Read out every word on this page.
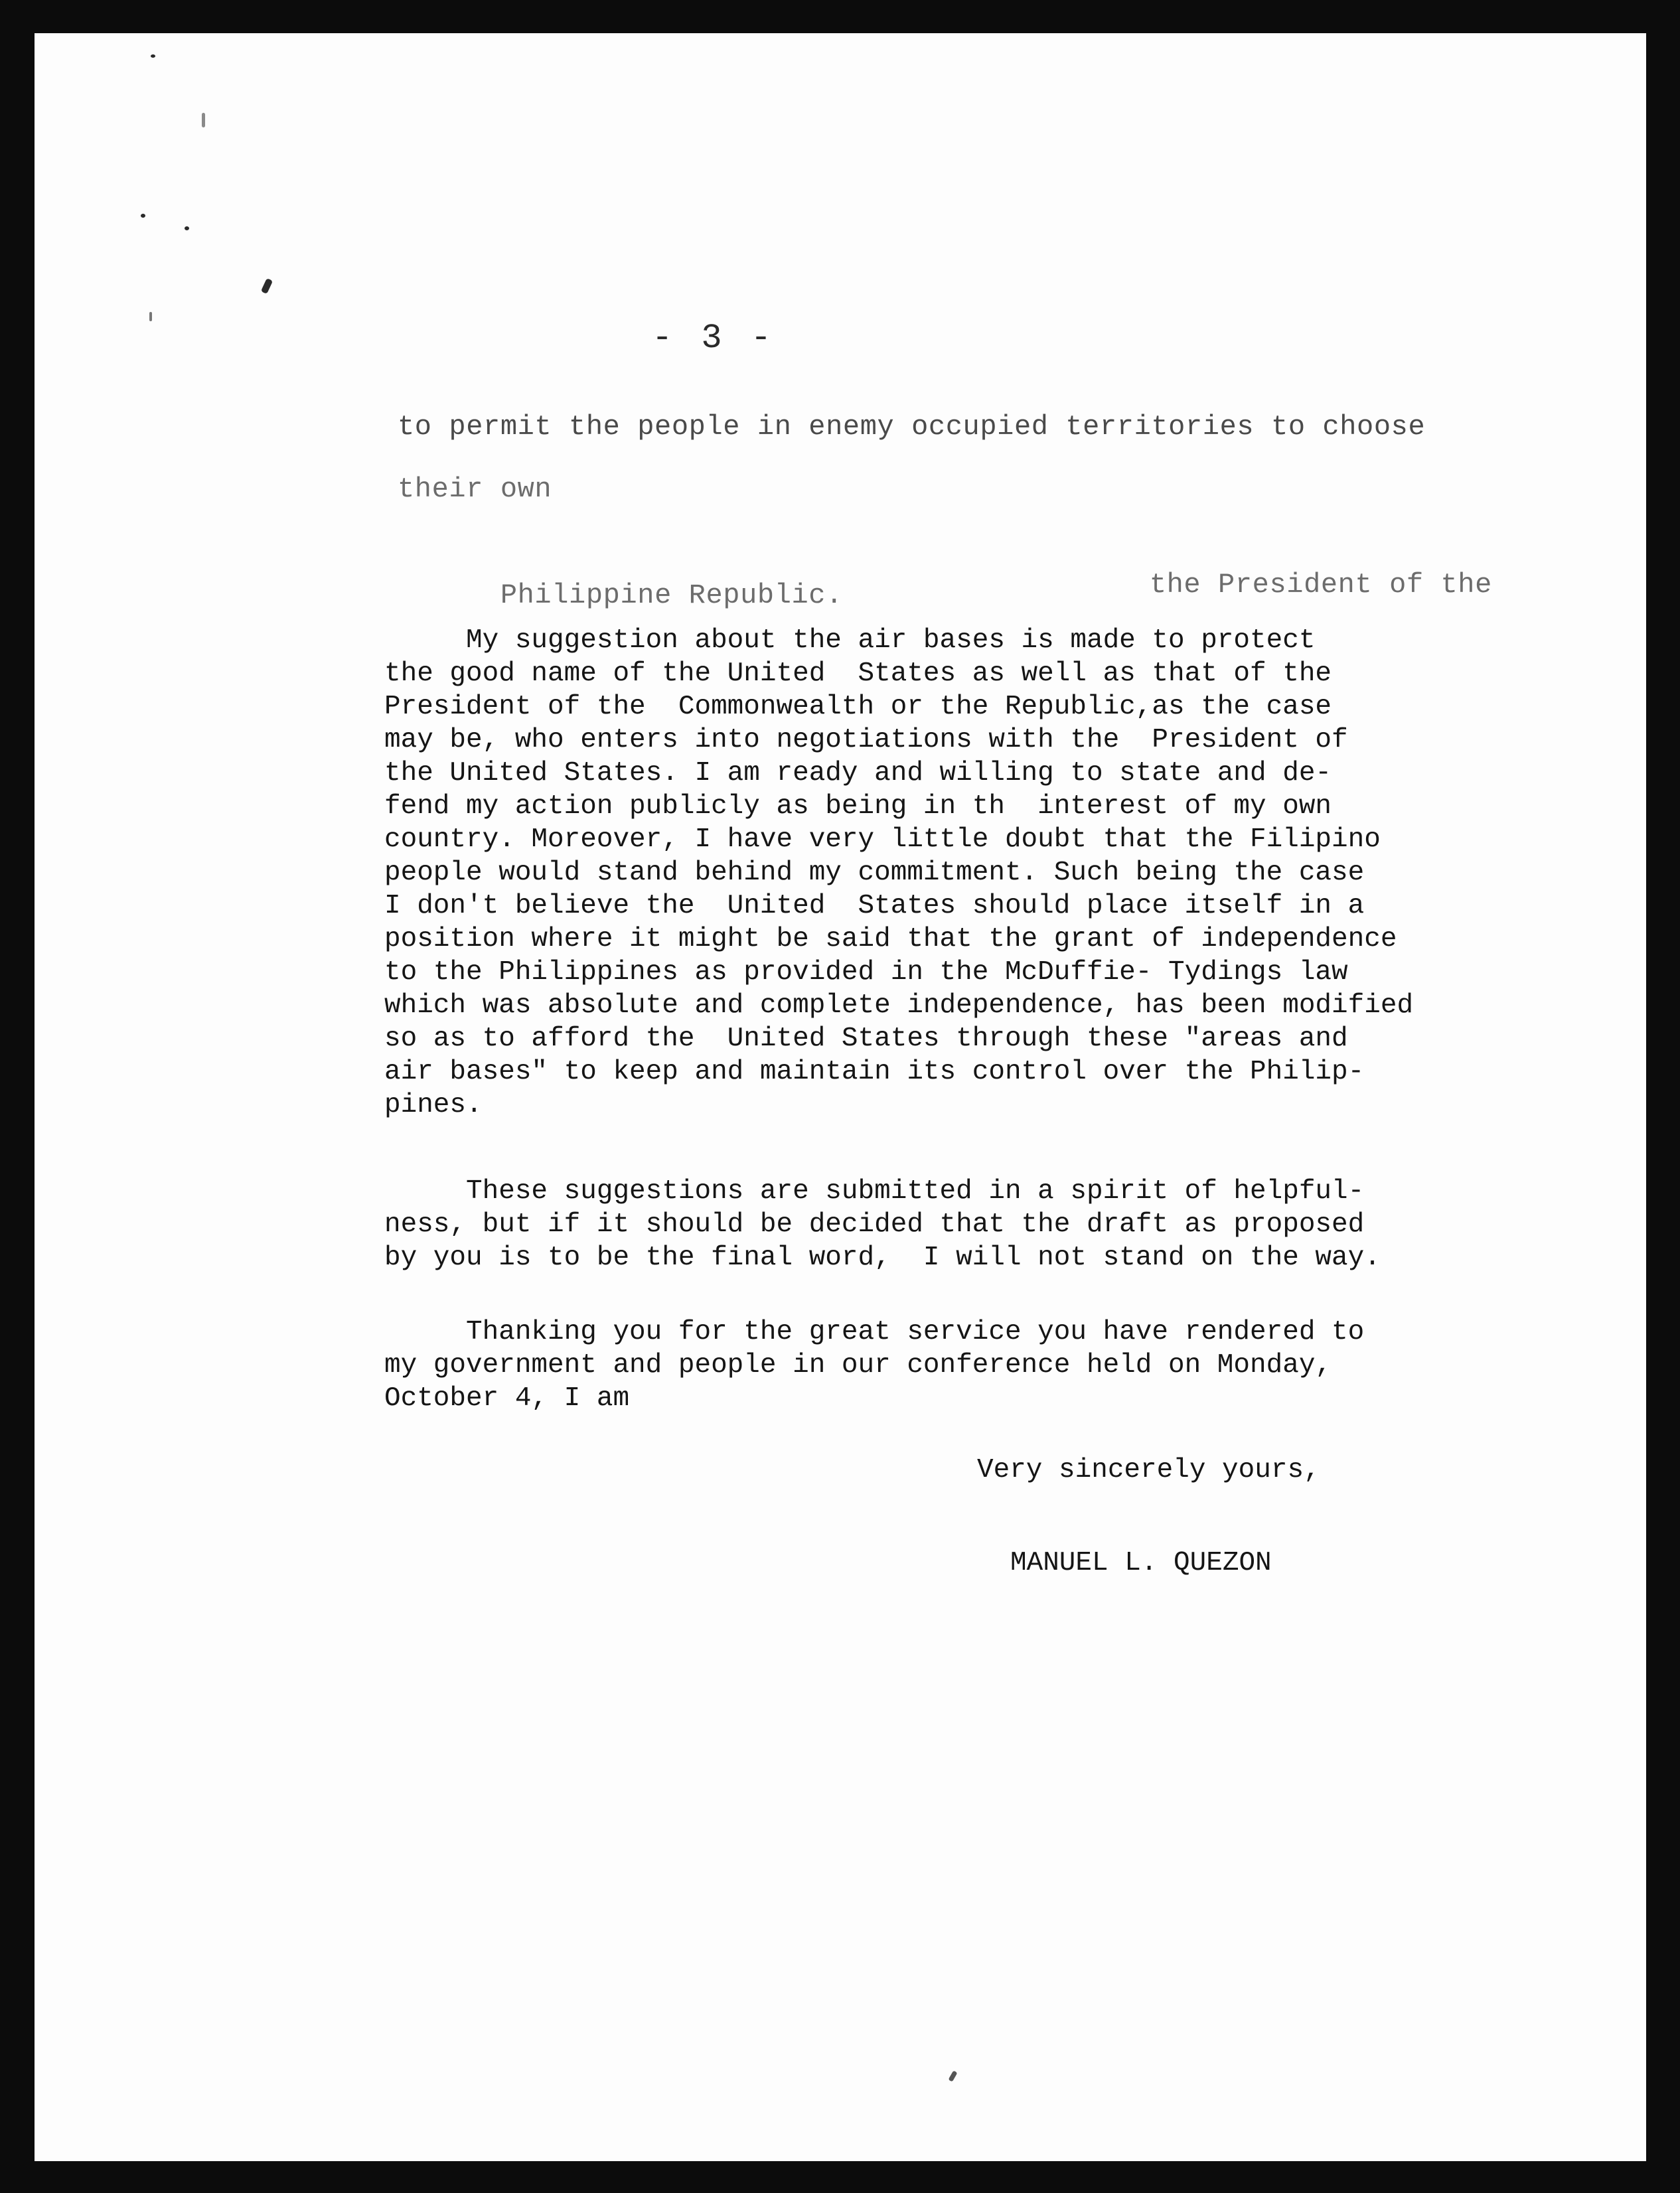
- 3 -

to permit the people in enemy occupied territories to choose

their own

Philippine Republic.
	the President of the

My suggestion about the air bases is made to protect

the good name of the United  States as well as that of the

President of the  Commonwealth or the Republic,as the case

may be, who enters into negotiations with the  President of

the United States. I am ready and willing to state and de-

fend my action publicly as being in th  interest of my own

country. Moreover, I have very little doubt that the Filipino

people would stand behind my commitment. Such being the case

I don't believe the  United  States should place itself in a

position where it might be said that the grant of independence

to the Philippines as provided in the McDuffie- Tydings law

which was absolute and complete independence, has been modified

so as to afford the  United States through these "areas and

air bases" to keep and maintain its control over the Philip-

pines.

These suggestions are submitted in a spirit of helpful-

ness, but if it should be decided that the draft as proposed

by you is to be the final word,  I will not stand on the way.

Thanking you for the great service you have rendered to

my government and people in our conference held on Monday,

October 4, I am

Very sincerely yours,

MANUEL L. QUEZON
